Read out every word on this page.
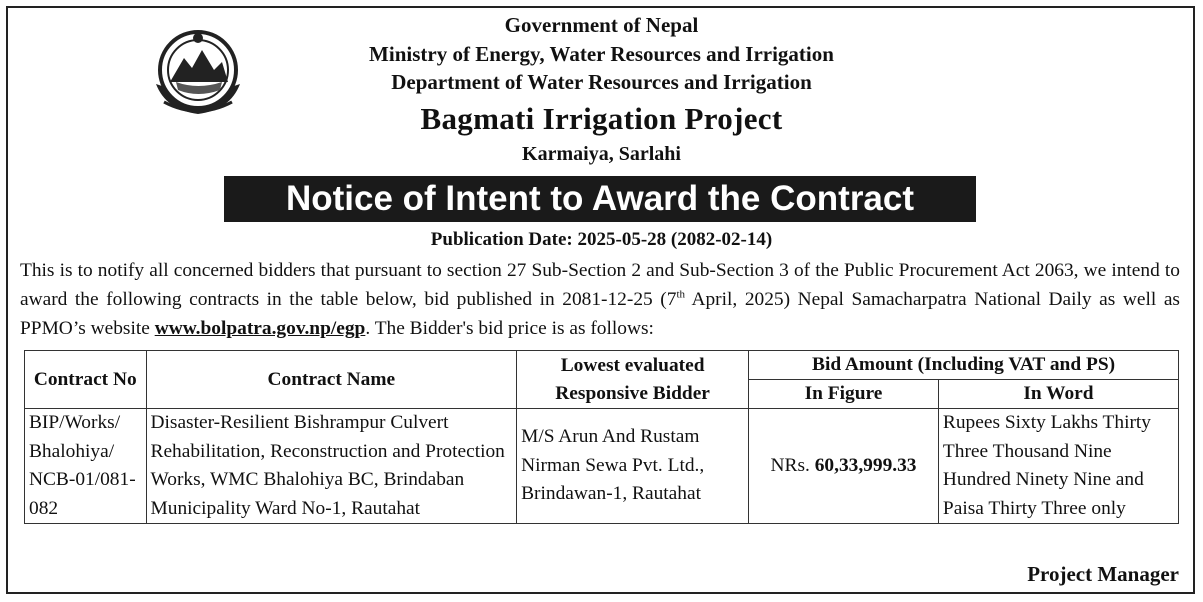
Government of Nepal
Ministry of Energy, Water Resources and Irrigation
Department of Water Resources and Irrigation
Bagmati Irrigation Project
Karmaiya, Sarlahi
Notice of Intent to Award the Contract
Publication Date: 2025-05-28 (2082-02-14)
This is to notify all concerned bidders that pursuant to section 27 Sub-Section 2 and Sub-Section 3 of the Public Procurement Act 2063, we intend to award the following contracts in the table below, bid published in 2081-12-25 (7th April, 2025) Nepal Samacharpatra National Daily as well as PPMO’s website www.bolpatra.gov.np/egp. The Bidder's bid price is as follows:
Contract No	Contract Name	Lowest evaluated Responsive Bidder	Bid Amount (Including VAT and PS)	
			In Figure	In Word
BIP/Works/ Bhalohiya/ NCB-01/081-082	Disaster-Resilient Bishrampur Culvert Rehabilitation, Reconstruction and Protection Works, WMC Bhalohiya BC, Brindaban Municipality Ward No-1, Rautahat	M/S Arun And Rustam Nirman Sewa Pvt. Ltd., Brindawan-1, Rautahat	NRs. 60,33,999.33	Rupees Sixty Lakhs Thirty Three Thousand Nine Hundred Ninety Nine and Paisa Thirty Three only
Project Manager
